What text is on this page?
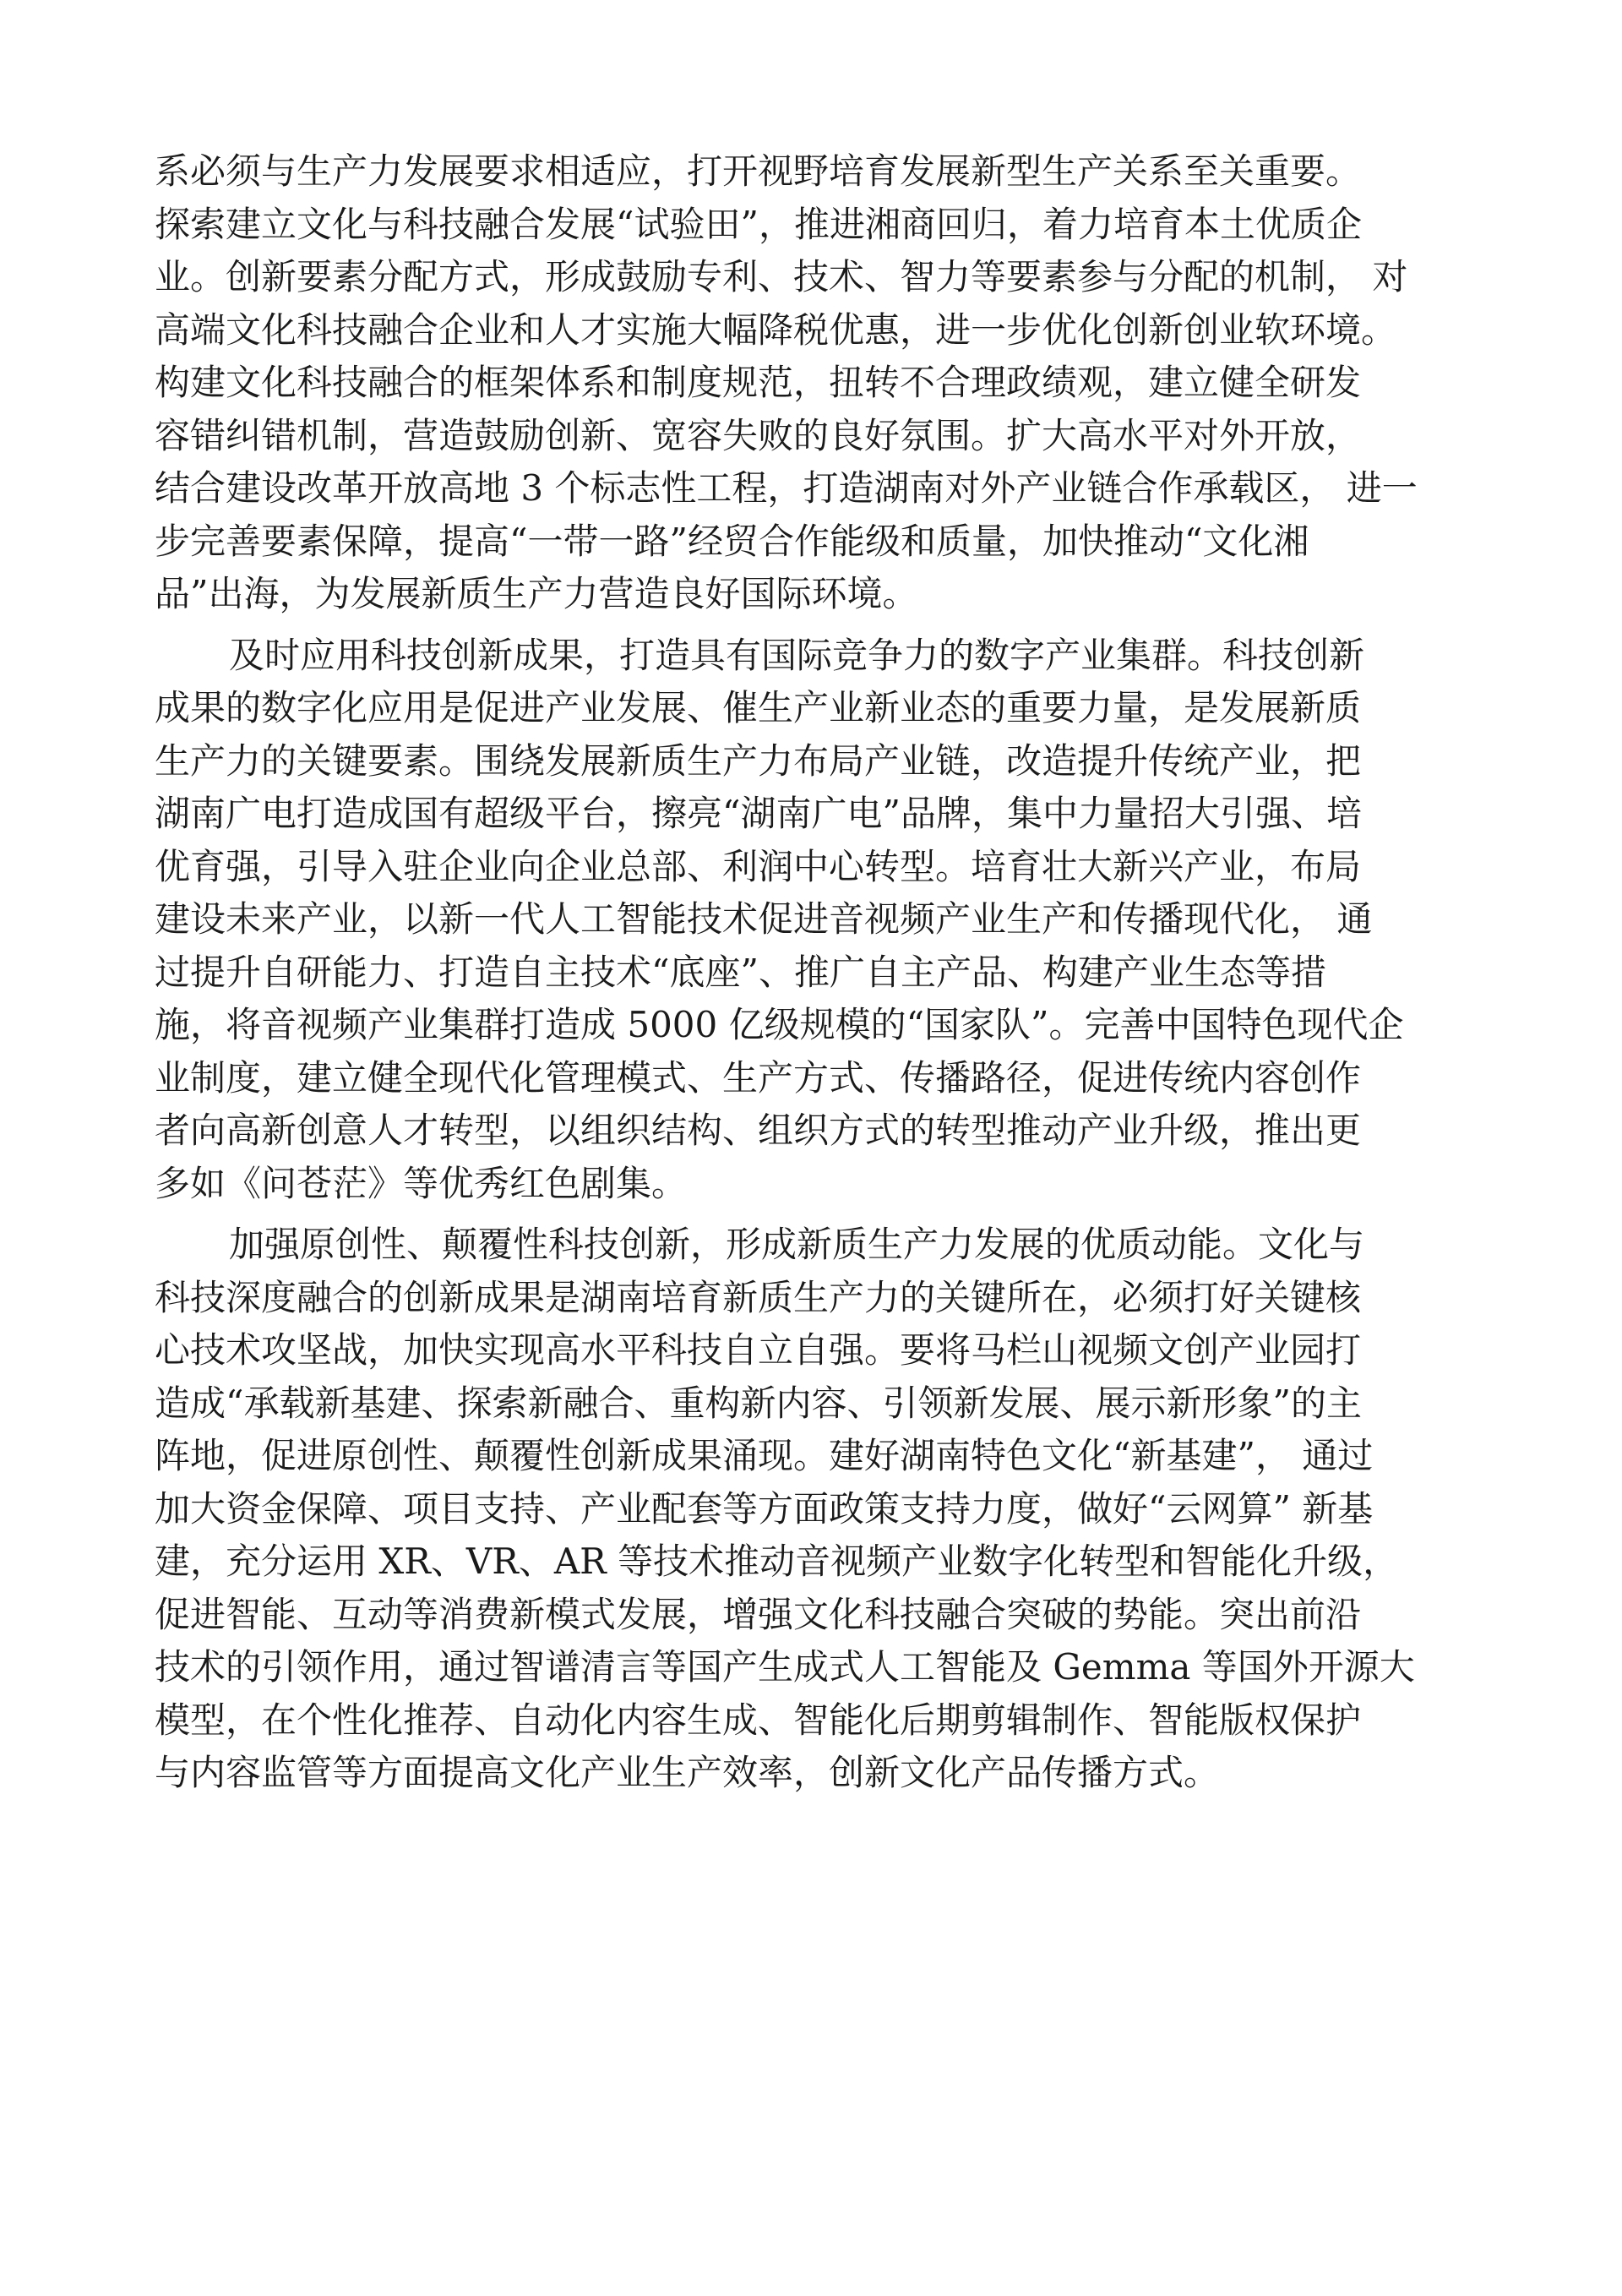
系必须与生产力发展要求相适应，打开视野培育发展新型生产关系至关重要。
探索建立文化与科技融合发展“试验田”，推进湘商回归，着力培育本土优质企
业。创新要素分配方式，形成鼓励专利、技术、智力等要素参与分配的机制， 对
高端文化科技融合企业和人才实施大幅降税优惠，进一步优化创新创业软环境。
构建文化科技融合的框架体系和制度规范，扭转不合理政绩观，建立健全研发
容错纠错机制，营造鼓励创新、宽容失败的良好氛围。扩大高水平对外开放，
结合建设改革开放高地 3 个标志性工程，打造湖南对外产业链合作承载区， 进一
步完善要素保障，提高“一带一路”经贸合作能级和质量，加快推动“文化湘
品”出海，为发展新质生产力营造良好国际环境。
及时应用科技创新成果，打造具有国际竞争力的数字产业集群。科技创新
成果的数字化应用是促进产业发展、催生产业新业态的重要力量，是发展新质
生产力的关键要素。围绕发展新质生产力布局产业链，改造提升传统产业，把
湖南广电打造成国有超级平台，擦亮“湖南广电”品牌，集中力量招大引强、培
优育强，引导入驻企业向企业总部、利润中心转型。培育壮大新兴产业，布局
建设未来产业，以新一代人工智能技术促进音视频产业生产和传播现代化， 通
过提升自研能力、打造自主技术“底座”、推广自主产品、构建产业生态等措
施，将音视频产业集群打造成 5000 亿级规模的“国家队”。完善中国特色现代企
业制度，建立健全现代化管理模式、生产方式、传播路径，促进传统内容创作
者向高新创意人才转型，以组织结构、组织方式的转型推动产业升级，推出更
多如《问苍茫》等优秀红色剧集。
加强原创性、颠覆性科技创新，形成新质生产力发展的优质动能。文化与
科技深度融合的创新成果是湖南培育新质生产力的关键所在，必须打好关键核
心技术攻坚战，加快实现高水平科技自立自强。要将马栏山视频文创产业园打
造成“承载新基建、探索新融合、重构新内容、引领新发展、展示新形象”的主
阵地，促进原创性、颠覆性创新成果涌现。建好湖南特色文化“新基建”， 通过
加大资金保障、项目支持、产业配套等方面政策支持力度，做好“云网算” 新基
建，充分运用 XR、VR、AR 等技术推动音视频产业数字化转型和智能化升级，
促进智能、互动等消费新模式发展，增强文化科技融合突破的势能。突出前沿
技术的引领作用，通过智谱清言等国产生成式人工智能及 Gemma 等国外开源大
模型，在个性化推荐、自动化内容生成、智能化后期剪辑制作、智能版权保护
与内容监管等方面提高文化产业生产效率，创新文化产品传播方式。
